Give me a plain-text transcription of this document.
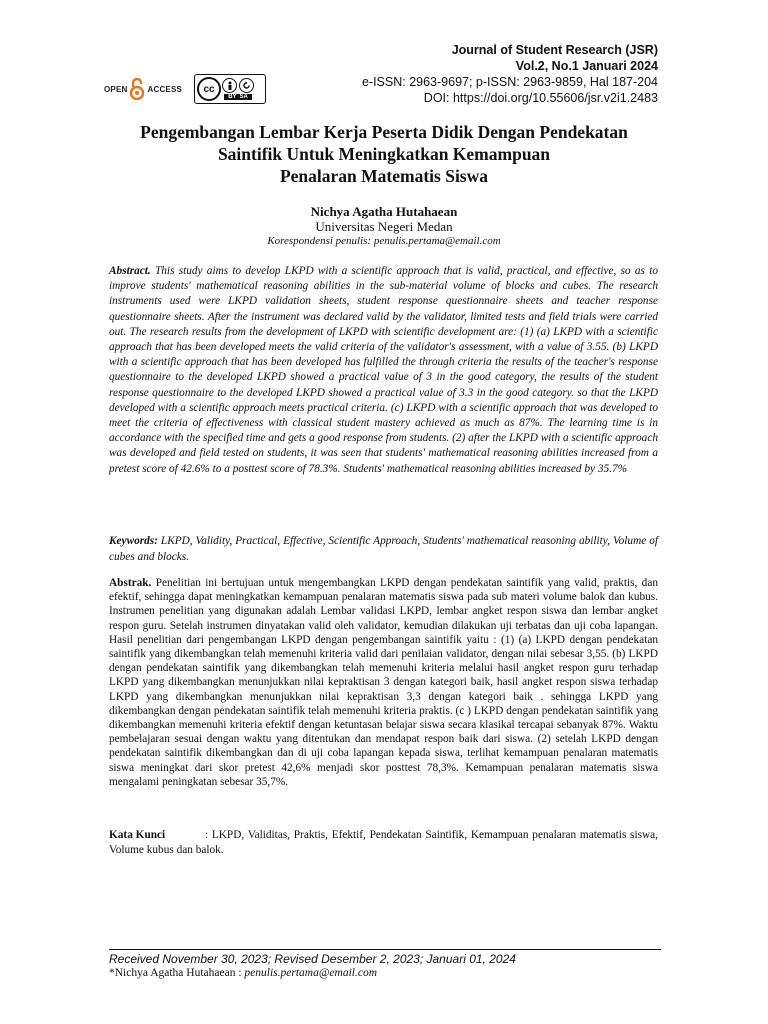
OPEN	ACCESS	cc
BY SA
Journal of Student Research (JSR)
Vol.2, No.1 Januari 2024
e-ISSN: 2963-9697; p-ISSN: 2963-9859, Hal 187-204
DOI: https://doi.org/10.55606/jsr.v2i1.2483
Pengembangan Lembar Kerja Peserta Didik Dengan Pendekatan
Saintifik Untuk Meningkatkan Kemampuan
Penalaran Matematis Siswa
Nichya Agatha Hutahaean
Universitas Negeri Medan
Korespondensi penulis: penulis.pertama@email.com
Abstract. This study aims to develop LKPD with a scientific approach that is valid, practical, and effective, so as to improve students' mathematical reasoning abilities in the sub-material volume of blocks and cubes. The research instruments used were LKPD validation sheets, student response questionnaire sheets and teacher response questionnaire sheets. After the instrument was declared valid by the validator, limited tests and field trials were carried out. The research results from the development of LKPD with scientific development are: (1) (a) LKPD with a scientific approach that has been developed meets the valid criteria of the validator's assessment, with a value of 3.55. (b) LKPD with a scientific approach that has been developed has fulfilled the through criteria the results of the teacher's response questionnaire to the developed LKPD showed a practical value of 3 in the good category, the results of the student response questionnaire to the developed LKPD showed a practical value of 3.3 in the good category. so that the LKPD developed with a scientific approach meets practical criteria. (c) LKPD with a scientific approach that was developed to meet the criteria of effectiveness with classical student mastery achieved as much as 87%. The learning time is in accordance with the specified time and gets a good response from students. (2) after the LKPD with a scientific approach was developed and field tested on students, it was seen that students' mathematical reasoning abilities increased from a pretest score of 42.6% to a posttest score of 78.3%. Students' mathematical reasoning abilities increased by 35.7%
Keywords: LKPD, Validity, Practical, Effective, Scientific Approach, Students' mathematical reasoning ability, Volume of cubes and blocks.
Abstrak. Penelitian ini bertujuan untuk mengembangkan LKPD dengan pendekatan saintifik yang valid, praktis, dan efektif, sehingga dapat meningkatkan kemampuan penalaran matematis siswa pada sub materi volume balok dan kubus. Instrumen penelitian yang digunakan adalah Lembar validasi LKPD, lembar angket respon siswa dan lembar angket respon guru. Setelah instrumen dinyatakan valid oleh validator, kemudian dilakukan uji terbatas dan uji coba lapangan. Hasil penelitian dari pengembangan LKPD dengan pengembangan saintifik yaitu : (1) (a) LKPD dengan pendekatan saintifik yang dikembangkan telah memenuhi kriteria valid dari penilaian validator, dengan nilai sebesar 3,55. (b) LKPD dengan pendekatan saintifik yang dikembangkan telah memenuhi kriteria melalui hasil angket respon guru terhadap LKPD yang dikembangkan menunjukkan nilai kepraktisan 3 dengan kategori baik, hasil angket respon siswa terhadap LKPD yang dikembangkan menunjukkan nilai kepraktisan 3,3 dengan kategori baik . sehingga LKPD yang dikembangkan dengan pendekatan saintifik telah memenuhi kriteria praktis. (c ) LKPD dengan pendekatan saintifik yang dikembangkan memenuhi kriteria efektif dengan ketuntasan belajar siswa secara klasikal tercapai sebanyak 87%. Waktu pembelajaran sesuai dengan waktu yang ditentukan dan mendapat respon baik dari siswa. (2) setelah LKPD dengan pendekatan saintifik dikembangkan dan di uji coba lapangan kepada siswa, terlihat kemampuan penalaran matematis siswa meningkat dari skor pretest 42,6% menjadi skor posttest 78,3%. Kemampuan penalaran matematis siswa mengalami peningkatan sebesar 35,7%.
Kata Kunci	: LKPD, Validitas, Praktis, Efektif, Pendekatan Saintifik, Kemampuan penalaran matematis siswa, Volume kubus dan balok.
Received November 30, 2023; Revised Desember 2, 2023; Januari 01, 2024
*Nichya Agatha Hutahaean : penulis.pertama@email.com
